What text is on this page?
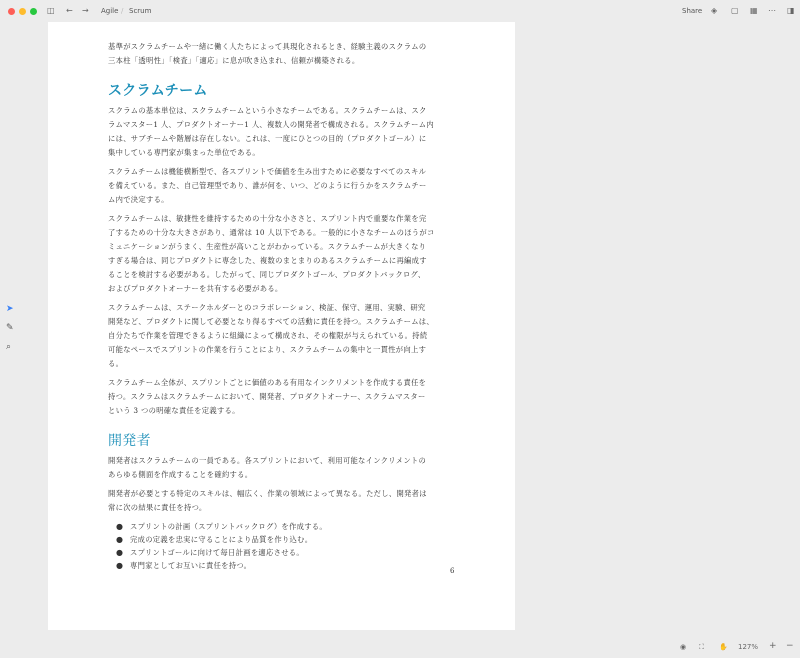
◫ ← → Agile / Scrum	Share ◈ ▢ ▦ ⋯ ◨
➤
✎
⌕
基準がスクラムチームや一緒に働く人たちによって具現化されるとき、経験主義のスクラムの
三本柱「透明性」「検査」「適応」に息が吹き込まれ、信頼が構築される。
スクラムチーム
スクラムの基本単位は、スクラムチームという小さなチームである。スクラムチームは、スク
ラムマスター1 人、プロダクトオーナー1 人、複数人の開発者で構成される。スクラムチーム内
には、サブチームや階層は存在しない。これは、一度にひとつの目的（プロダクトゴール）に
集中している専門家が集まった単位である。
スクラムチームは機能横断型で、各スプリントで価値を生み出すために必要なすべてのスキル
を備えている。また、自己管理型であり、誰が何を、いつ、どのように行うかをスクラムチー
ム内で決定する。
スクラムチームは、敏捷性を維持するための十分な小ささと、スプリント内で重要な作業を完
了するための十分な大きさがあり、通常は 10 人以下である。一般的に小さなチームのほうがコ
ミュニケーションがうまく、生産性が高いことがわかっている。スクラムチームが大きくなり
すぎる場合は、同じプロダクトに専念した、複数のまとまりのあるスクラムチームに再編成す
ることを検討する必要がある。したがって、同じプロダクトゴール、プロダクトバックログ、
およびプロダクトオーナーを共有する必要がある。
スクラムチームは、ステークホルダーとのコラボレーション、検証、保守、運用、実験、研究
開発など、プロダクトに関して必要となり得るすべての活動に責任を持つ。スクラムチームは、
自分たちで作業を管理できるように組織によって構成され、その権限が与えられている。持続
可能なペースでスプリントの作業を行うことにより、スクラムチームの集中と一貫性が向上す
る。
スクラムチーム全体が、スプリントごとに価値のある有用なインクリメントを作成する責任を
持つ。スクラムはスクラムチームにおいて、開発者、プロダクトオーナー、スクラムマスター
という 3 つの明確な責任を定義する。
開発者
開発者はスクラムチームの一員である。各スプリントにおいて、利用可能なインクリメントの
あらゆる側面を作成することを確約する。
開発者が必要とする特定のスキルは、幅広く、作業の領域によって異なる。ただし、開発者は
常に次の結果に責任を持つ。
● スプリントの計画（スプリントバックログ）を作成する。
● 完成の定義を忠実に守ることにより品質を作り込む。
● スプリントゴールに向けて毎日計画を適応させる。
● 専門家としてお互いに責任を持つ。
6
◉ ⛶ ✋ 127% + −
